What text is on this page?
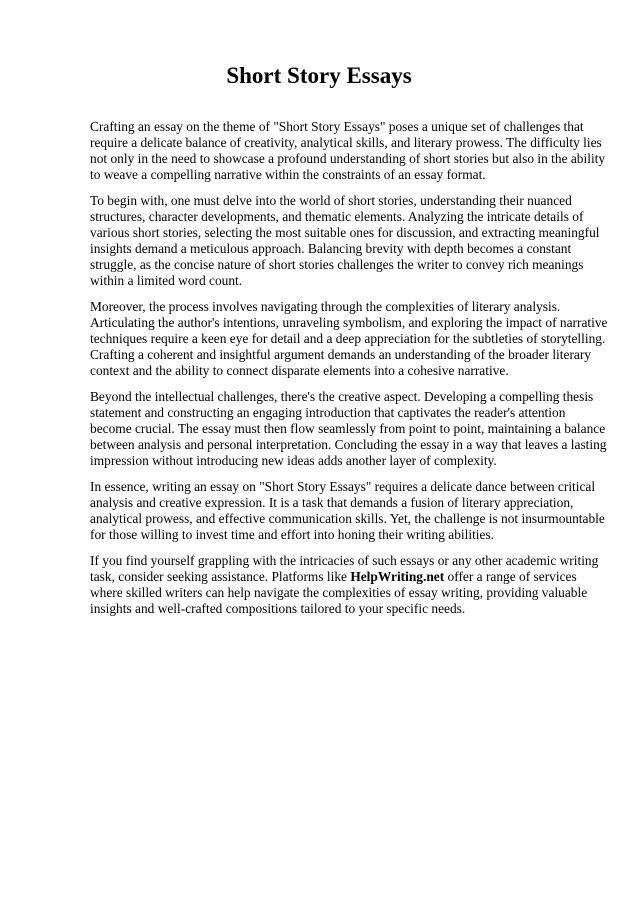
Short Story Essays

Crafting an essay on the theme of "Short Story Essays" poses a unique set of challenges that
require a delicate balance of creativity, analytical skills, and literary prowess. The difficulty lies
not only in the need to showcase a profound understanding of short stories but also in the ability
to weave a compelling narrative within the constraints of an essay format.

To begin with, one must delve into the world of short stories, understanding their nuanced
structures, character developments, and thematic elements. Analyzing the intricate details of
various short stories, selecting the most suitable ones for discussion, and extracting meaningful
insights demand a meticulous approach. Balancing brevity with depth becomes a constant
struggle, as the concise nature of short stories challenges the writer to convey rich meanings
within a limited word count.

Moreover, the process involves navigating through the complexities of literary analysis.
Articulating the author's intentions, unraveling symbolism, and exploring the impact of narrative
techniques require a keen eye for detail and a deep appreciation for the subtleties of storytelling.
Crafting a coherent and insightful argument demands an understanding of the broader literary
context and the ability to connect disparate elements into a cohesive narrative.

Beyond the intellectual challenges, there's the creative aspect. Developing a compelling thesis
statement and constructing an engaging introduction that captivates the reader's attention
become crucial. The essay must then flow seamlessly from point to point, maintaining a balance
between analysis and personal interpretation. Concluding the essay in a way that leaves a lasting
impression without introducing new ideas adds another layer of complexity.

In essence, writing an essay on "Short Story Essays" requires a delicate dance between critical
analysis and creative expression. It is a task that demands a fusion of literary appreciation,
analytical prowess, and effective communication skills. Yet, the challenge is not insurmountable
for those willing to invest time and effort into honing their writing abilities.

If you find yourself grappling with the intricacies of such essays or any other academic writing
task, consider seeking assistance. Platforms like HelpWriting.net offer a range of services
where skilled writers can help navigate the complexities of essay writing, providing valuable
insights and well-crafted compositions tailored to your specific needs.
